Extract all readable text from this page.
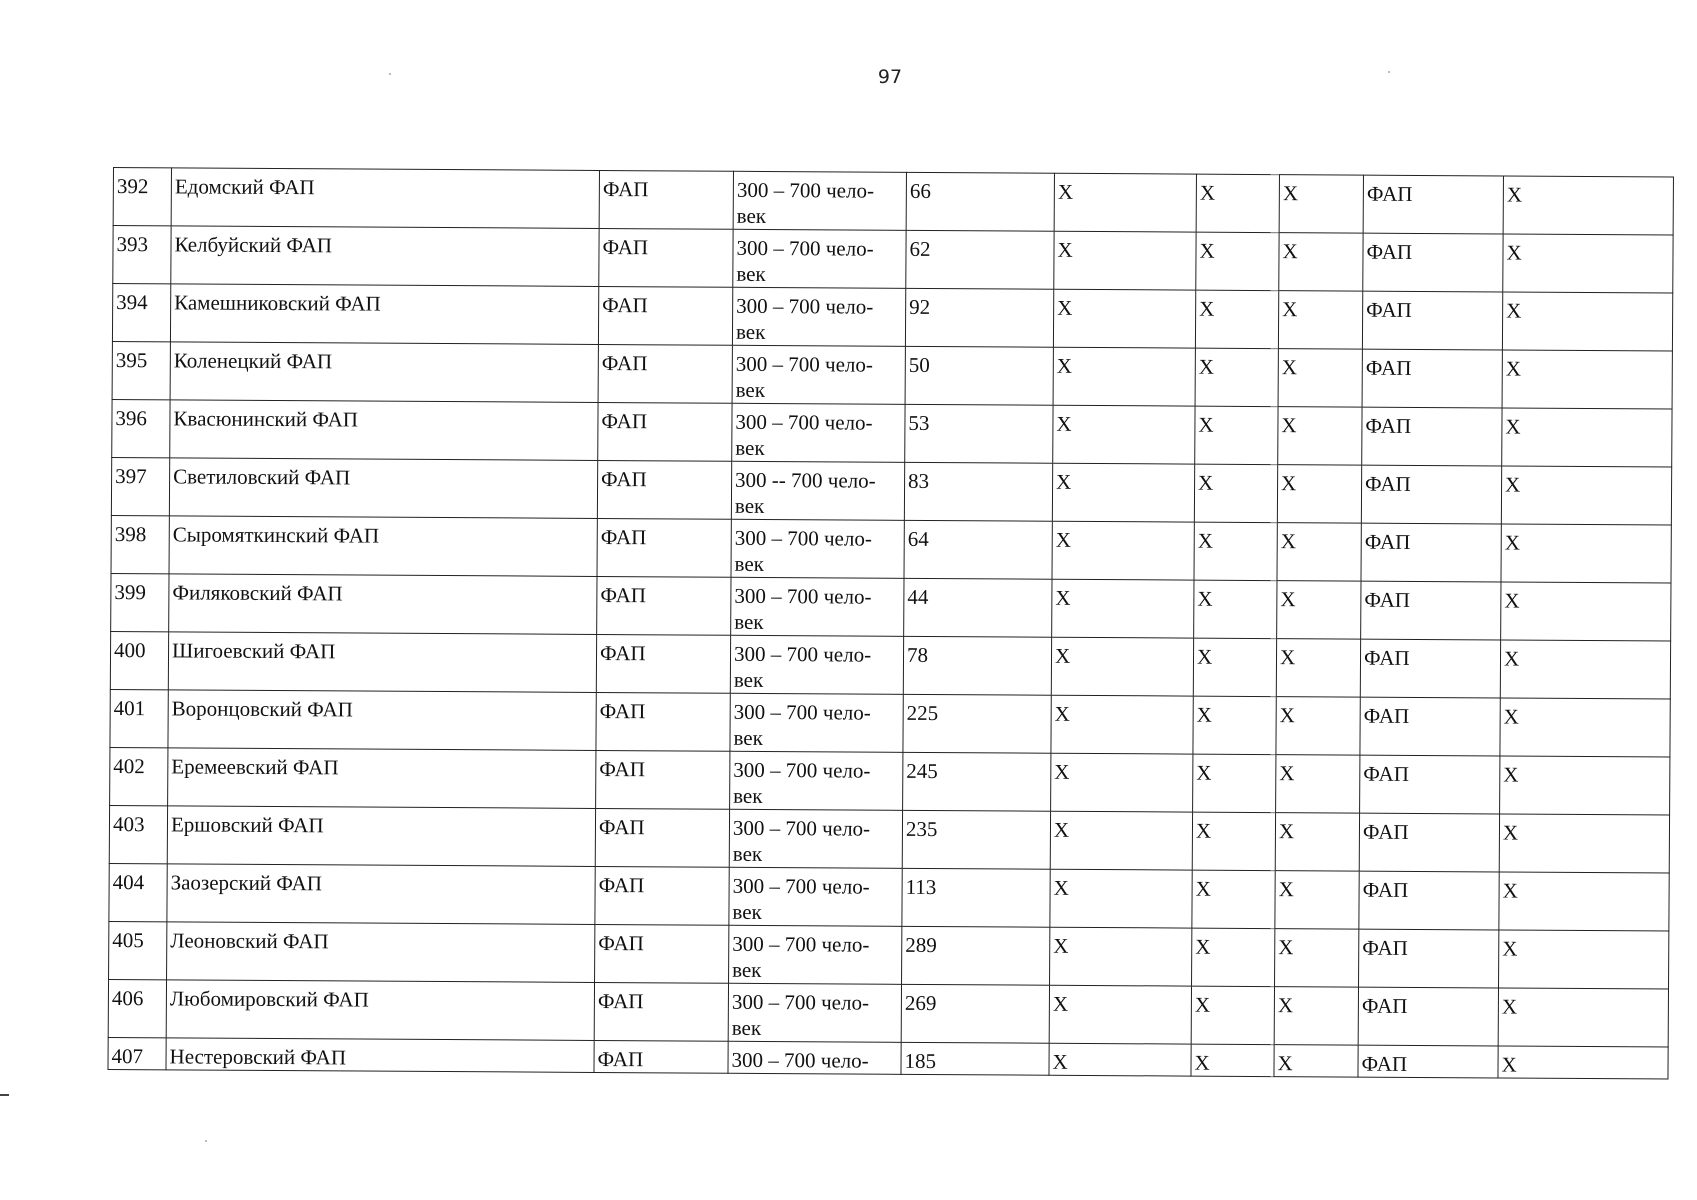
97
392	Едомский ФАП	ФАП	300 – 700 чело-век	66	X	X	X	ФАП	X
393	Келбуйский ФАП	ФАП	300 – 700 чело-век	62	X	X	X	ФАП	X
394	Камешниковский ФАП	ФАП	300 – 700 чело-век	92	X	X	X	ФАП	X
395	Коленецкий ФАП	ФАП	300 – 700 чело-век	50	X	X	X	ФАП	X
396	Квасюнинский ФАП	ФАП	300 – 700 чело-век	53	X	X	X	ФАП	X
397	Светиловский ФАП	ФАП	300 -- 700 чело-век	83	X	X	X	ФАП	X
398	Сыромяткинский ФАП	ФАП	300 – 700 чело-век	64	X	X	X	ФАП	X
399	Филяковский ФАП	ФАП	300 – 700 чело-век	44	X	X	X	ФАП	X
400	Шигоевский ФАП	ФАП	300 – 700 чело-век	78	X	X	X	ФАП	X
401	Воронцовский ФАП	ФАП	300 – 700 чело-век	225	X	X	X	ФАП	X
402	Еремеевский ФАП	ФАП	300 – 700 чело-век	245	X	X	X	ФАП	X
403	Ершовский ФАП	ФАП	300 – 700 чело-век	235	X	X	X	ФАП	X
404	Заозерский ФАП	ФАП	300 – 700 чело-век	113	X	X	X	ФАП	X
405	Леоновский ФАП	ФАП	300 – 700 чело-век	289	X	X	X	ФАП	X
406	Любомировский ФАП	ФАП	300 – 700 чело-век	269	X	X	X	ФАП	X
407	Нестеровский ФАП	ФАП	300 – 700 чело-	185	X	X	X	ФАП	X
